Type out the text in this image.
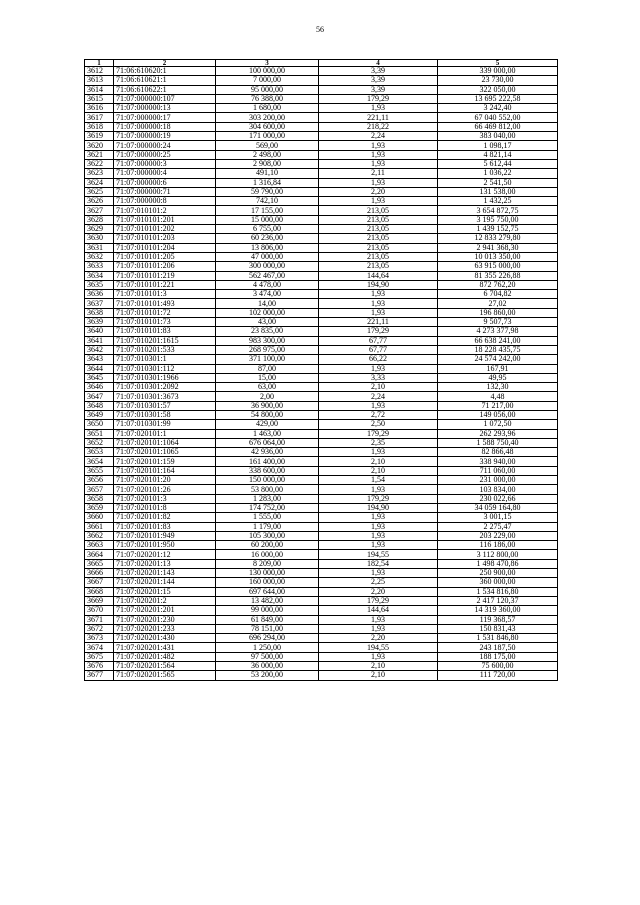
56
1	2	3	4	5
3612	71:06:610620:1	100 000,00	3,39	339 000,00
3613	71:06:610621:1	7 000,00	3,39	23 730,00
3614	71:06:610622:1	95 000,00	3,39	322 050,00
3615	71:07:000000:107	76 388,00	179,29	13 695 222,58
3616	71:07:000000:13	1 680,00	1,93	3 242,40
3617	71:07:000000:17	303 200,00	221,11	67 040 552,00
3618	71:07:000000:18	304 600,00	218,22	66 469 812,00
3619	71:07:000000:19	171 000,00	2,24	383 040,00
3620	71:07:000000:24	569,00	1,93	1 098,17
3621	71:07:000000:25	2 498,00	1,93	4 821,14
3622	71:07:000000:3	2 908,00	1,93	5 612,44
3623	71:07:000000:4	491,10	2,11	1 036,22
3624	71:07:000000:6	1 316,84	1,93	2 541,50
3625	71:07:000000:71	59 790,00	2,20	131 538,00
3626	71:07:000000:8	742,10	1,93	1 432,25
3627	71:07:010101:2	17 155,00	213,05	3 654 872,75
3628	71:07:010101:201	15 000,00	213,05	3 195 750,00
3629	71:07:010101:202	6 755,00	213,05	1 439 152,75
3630	71:07:010101:203	60 236,00	213,05	12 833 279,80
3631	71:07:010101:204	13 806,00	213,05	2 941 368,30
3632	71:07:010101:205	47 000,00	213,05	10 013 350,00
3633	71:07:010101:206	300 000,00	213,05	63 915 000,00
3634	71:07:010101:219	562 467,00	144,64	81 355 226,88
3635	71:07:010101:221	4 478,00	194,90	872 762,20
3636	71:07:010101:3	3 474,00	1,93	6 704,82
3637	71:07:010101:493	14,00	1,93	27,02
3638	71:07:010101:72	102 000,00	1,93	196 860,00
3639	71:07:010101:73	43,00	221,11	9 507,73
3640	71:07:010101:83	23 835,00	179,29	4 273 377,98
3641	71:07:010201:1615	983 300,00	67,77	66 638 241,00
3642	71:07:010201:533	268 975,00	67,77	18 228 435,75
3643	71:07:010301:1	371 100,00	66,22	24 574 242,00
3644	71:07:010301:112	87,00	1,93	167,91
3645	71:07:010301:1966	15,00	3,33	49,95
3646	71:07:010301:2092	63,00	2,10	132,30
3647	71:07:010301:3673	2,00	2,24	4,48
3648	71:07:010301:57	36 900,00	1,93	71 217,00
3649	71:07:010301:58	54 800,00	2,72	149 056,00
3650	71:07:010301:99	429,00	2,50	1 072,50
3651	71:07:020101:1	1 463,00	179,29	262 293,96
3652	71:07:020101:1064	676 064,00	2,35	1 588 750,40
3653	71:07:020101:1065	42 936,00	1,93	82 866,48
3654	71:07:020101:159	161 400,00	2,10	338 940,00
3655	71:07:020101:164	338 600,00	2,10	711 060,00
3656	71:07:020101:20	150 000,00	1,54	231 000,00
3657	71:07:020101:26	53 800,00	1,93	103 834,00
3658	71:07:020101:3	1 283,00	179,29	230 022,66
3659	71:07:020101:8	174 752,00	194,90	34 059 164,80
3660	71:07:020101:82	1 555,00	1,93	3 001,15
3661	71:07:020101:83	1 179,00	1,93	2 275,47
3662	71:07:020101:949	105 300,00	1,93	203 229,00
3663	71:07:020101:950	60 200,00	1,93	116 186,00
3664	71:07:020201:12	16 000,00	194,55	3 112 800,00
3665	71:07:020201:13	8 209,00	182,54	1 498 470,86
3666	71:07:020201:143	130 000,00	1,93	250 900,00
3667	71:07:020201:144	160 000,00	2,25	360 000,00
3668	71:07:020201:15	697 644,00	2,20	1 534 816,80
3669	71:07:020201:2	13 482,00	179,29	2 417 120,37
3670	71:07:020201:201	99 000,00	144,64	14 319 360,00
3671	71:07:020201:230	61 849,00	1,93	119 368,57
3672	71:07:020201:233	78 151,00	1,93	150 831,43
3673	71:07:020201:430	696 294,00	2,20	1 531 846,80
3674	71:07:020201:431	1 250,00	194,55	243 187,50
3675	71:07:020201:482	97 500,00	1,93	188 175,00
3676	71:07:020201:564	36 000,00	2,10	75 600,00
3677	71:07:020201:565	53 200,00	2,10	111 720,00
